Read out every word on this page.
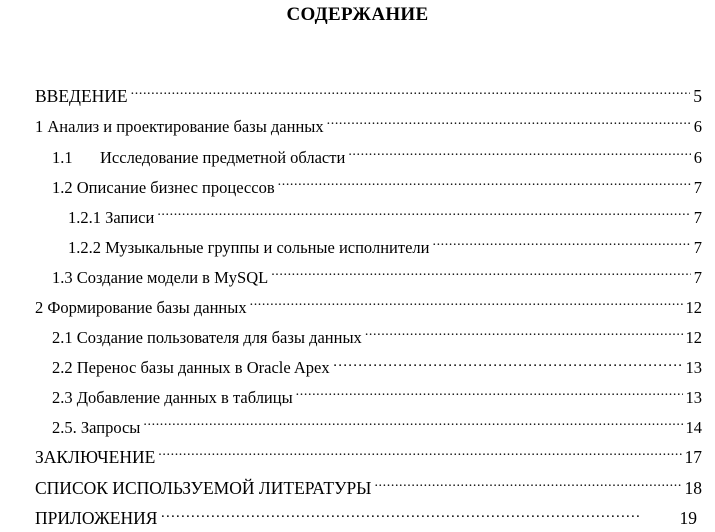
СОДЕРЖАНИЕ
ВВЕДЕНИЕ .....	5
1 Анализ и проектирование базы данных .....	6
1.1 Исследование предметной области .....	6
1.2 Описание бизнес процессов .....	7
1.2.1 Записи .....	7
1.2.2 Музыкальные группы и сольные исполнители .....	7
1.3 Создание модели в MySQL .....	7
2 Формирование базы данных .....	12
2.1 Создание пользователя для базы данных .....	12
2.2 Перенос базы данных в Oracle Apex ……………………………………………………………………………………	13
2.3 Добавление данных в таблицы .....	13
2.5. Запросы .....	14
ЗАКЛЮЧЕНИЕ .....	17
СПИСОК ИСПОЛЬЗУЕМОЙ ЛИТЕРАТУРЫ .....	18
ПРИЛОЖЕНИЯ ……………………………………………………………………………………	19
